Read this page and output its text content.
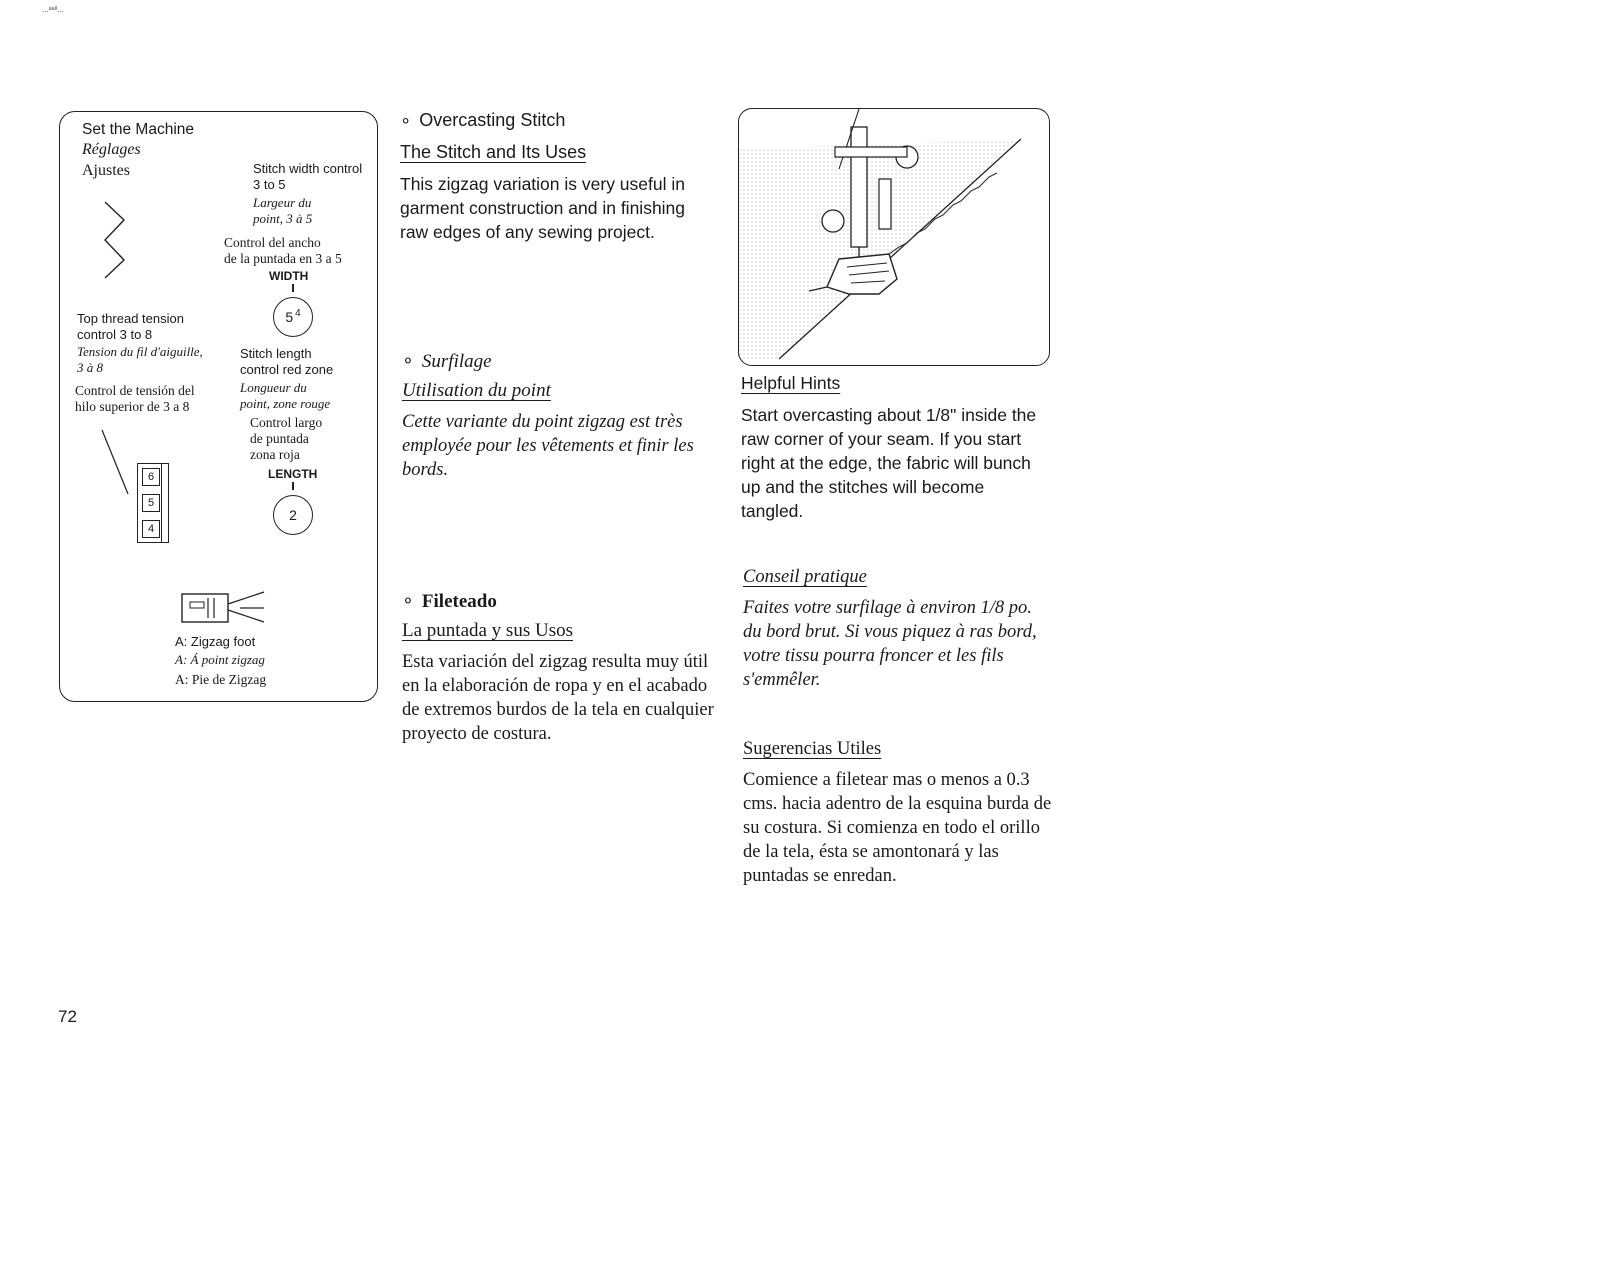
...ᵃᵃˡˡ...
Set the Machine
Réglages
Ajustes	Stitch width control 3 to 5
Largeur du point, 3 à 5
Control del ancho
de la puntada en 3 a 5
WIDTH
5 4
Top thread tension control 3 to 8
Tension du fil d'aiguille, 3 à 8
Control de tensión del hilo superior de 3 a 8
Stitch length control red zone
Longueur du point, zone rouge
Control largo de puntada zona roja
LENGTH
2
6
5
4
A: Zigzag foot
A: Á point zigzag
A: Pie de Zigzag
∘ Overcasting Stitch
The Stitch and Its Uses
This zigzag variation is very useful in garment construction and in finishing raw edges of any sewing project.
∘ Surfilage
Utilisation du point
Cette variante du point zigzag est très employée pour les vêtements et finir les bords.
∘ Fileteado
La puntada y sus Usos
Esta variación del zigzag resulta muy útil en la elaboración de ropa y en el acabado de extremos burdos de la tela en cualquier proyecto de costura.
Helpful Hints
Start overcasting about 1/8" inside the raw corner of your seam. If you start right at the edge, the fabric will bunch up and the stitches will become tangled.
Conseil pratique
Faites votre surfilage à environ 1/8 po. du bord brut. Si vous piquez à ras bord, votre tissu pourra froncer et les fils s'emmêler.
Sugerencias Utiles
Comience a filetear mas o menos a 0.3 cms. hacia adentro de la esquina burda de su costura. Si comienza en todo el orillo de la tela, ésta se amontonará y las puntadas se enredan.
72
